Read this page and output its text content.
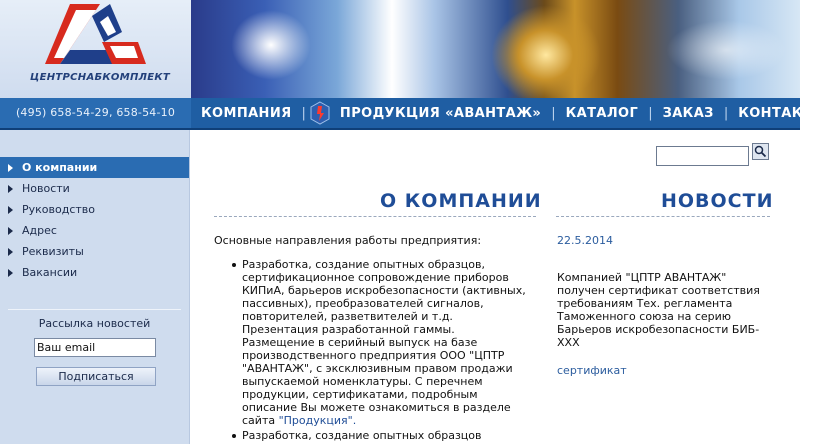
ЦЕНТРСНАБКОМПЛЕКТ
(495) 658-54-29, 658-54-10	КОМПАНИЯ |	ПРОДУКЦИЯ «АВАНТАЖ» | КАТАЛОГ | ЗАКАЗ | КОНТАКТ
О компании
Новости
Руководство
Адрес
Реквизиты
Вакансии
Рассылка новостей
Ваш email
Подписаться
О КОМПАНИИ
Основные направления работы предприятия:
Разработка, создание опытных образцов, сертификационное сопровождение приборов КИПиА, барьеров искробезопасности (активных, пассивных), преобразователей сигналов, повторителей, разветвителей и т.д. Презентация разработанной гаммы. Размещение в серийный выпуск на базе производственного предприятия ООО "ЦПТР "АВАНТАЖ", с эксклюзивным правом продажи выпускаемой номенклатуры. С перечнем продукции, сертификатами, подробным описание Вы можете ознакомиться в разделе сайта "Продукция".
Разработка, создание опытных образцов
НОВОСТИ
22.5.2014
Компанией "ЦПТР АВАНТАЖ" получен сертификат соответствия требованиям Тех. регламента Таможенного союза на серию Барьеров искробезопасности БИБ-ХХХ
сертификат
